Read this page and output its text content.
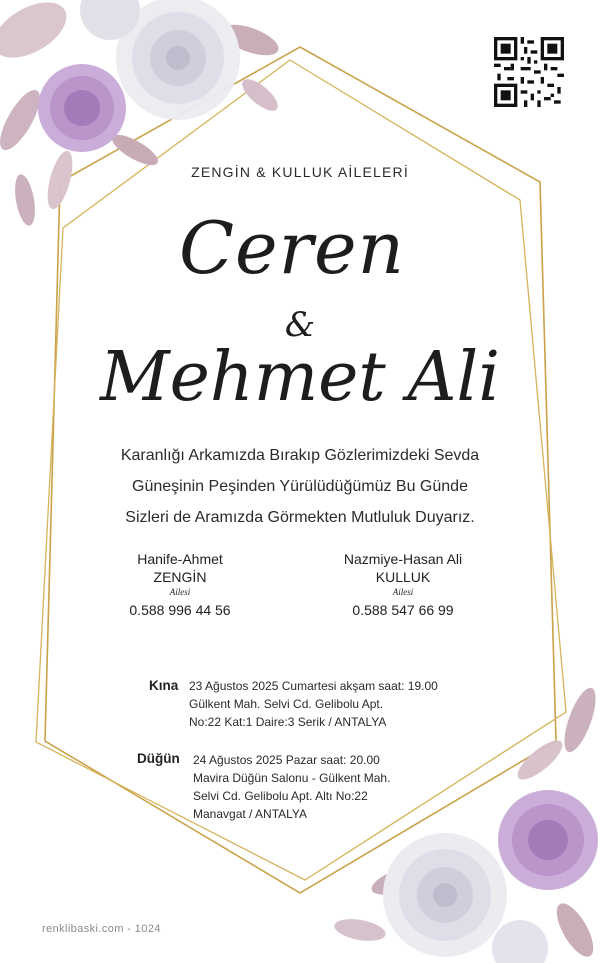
ZENGİN & KULLUK AİLELERİ
Ceren
&
Mehmet Ali
Karanlığı Arkamızda Bırakıp Gözlerimizdeki Sevda
Güneşinin Peşinden Yürülüdüğümüz Bu Günde
Sizleri de Aramızda Görmekten Mutluluk Duyarız.
Hanife-Ahmet
ZENGİN
Ailesi
0.588 996 44 56
Nazmiye-Hasan Ali
KULLUK
Ailesi
0.588 547 66 99
Kına 23 Ağustos 2025 Cumartesi akşam saat: 19.00
Gülkent Mah. Selvi Cd. Gelibolu Apt.
No:22 Kat:1 Daire:3 Serik / ANTALYA
Düğün 24 Ağustos 2025 Pazar saat: 20.00
Mavira Düğün Salonu - Gülkent Mah.
Selvi Cd. Gelibolu Apt. Altı No:22
Manavgat / ANTALYA
renklibaski.com - 1024
